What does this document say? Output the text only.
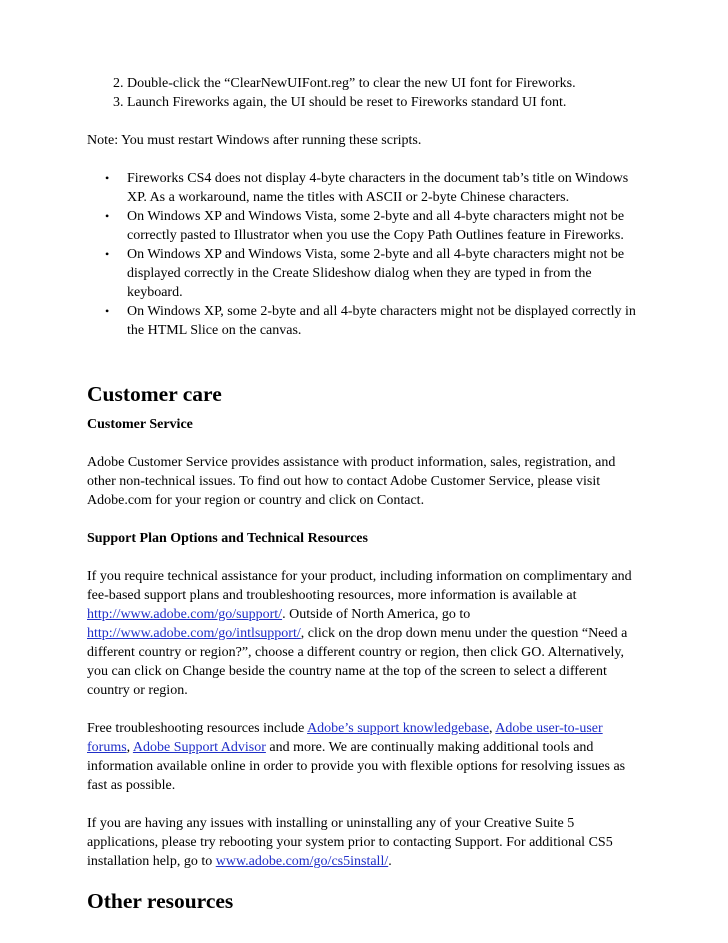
2. Double-click the “ClearNewUIFont.reg” to clear the new UI font for Fireworks.
3. Launch Fireworks again, the UI should be reset to Fireworks standard UI font.

Note: You must restart Windows after running these scripts.

• Fireworks CS4 does not display 4-byte characters in the document tab’s title on Windows XP. As a workaround, name the titles with ASCII or 2-byte Chinese characters.
• On Windows XP and Windows Vista, some 2-byte and all 4-byte characters might not be correctly pasted to Illustrator when you use the Copy Path Outlines feature in Fireworks.
• On Windows XP and Windows Vista, some 2-byte and all 4-byte characters might not be displayed correctly in the Create Slideshow dialog when they are typed in from the keyboard.
• On Windows XP, some 2-byte and all 4-byte characters might not be displayed correctly in the HTML Slice on the canvas.
Customer care
Customer Service

Adobe Customer Service provides assistance with product information, sales, registration, and other non-technical issues. To find out how to contact Adobe Customer Service, please visit Adobe.com for your region or country and click on Contact.

Support Plan Options and Technical Resources

If you require technical assistance for your product, including information on complimentary and fee-based support plans and troubleshooting resources, more information is available at http://www.adobe.com/go/support/. Outside of North America, go to http://www.adobe.com/go/intlsupport/, click on the drop down menu under the question “Need a different country or region?”, choose a different country or region, then click GO. Alternatively, you can click on Change beside the country name at the top of the screen to select a different country or region.

Free troubleshooting resources include Adobe’s support knowledgebase, Adobe user-to-user forums, Adobe Support Advisor and more. We are continually making additional tools and information available online in order to provide you with flexible options for resolving issues as fast as possible.

If you are having any issues with installing or uninstalling any of your Creative Suite 5 applications, please try rebooting your system prior to contacting Support. For additional CS5 installation help, go to www.adobe.com/go/cs5install/.

Other resources
